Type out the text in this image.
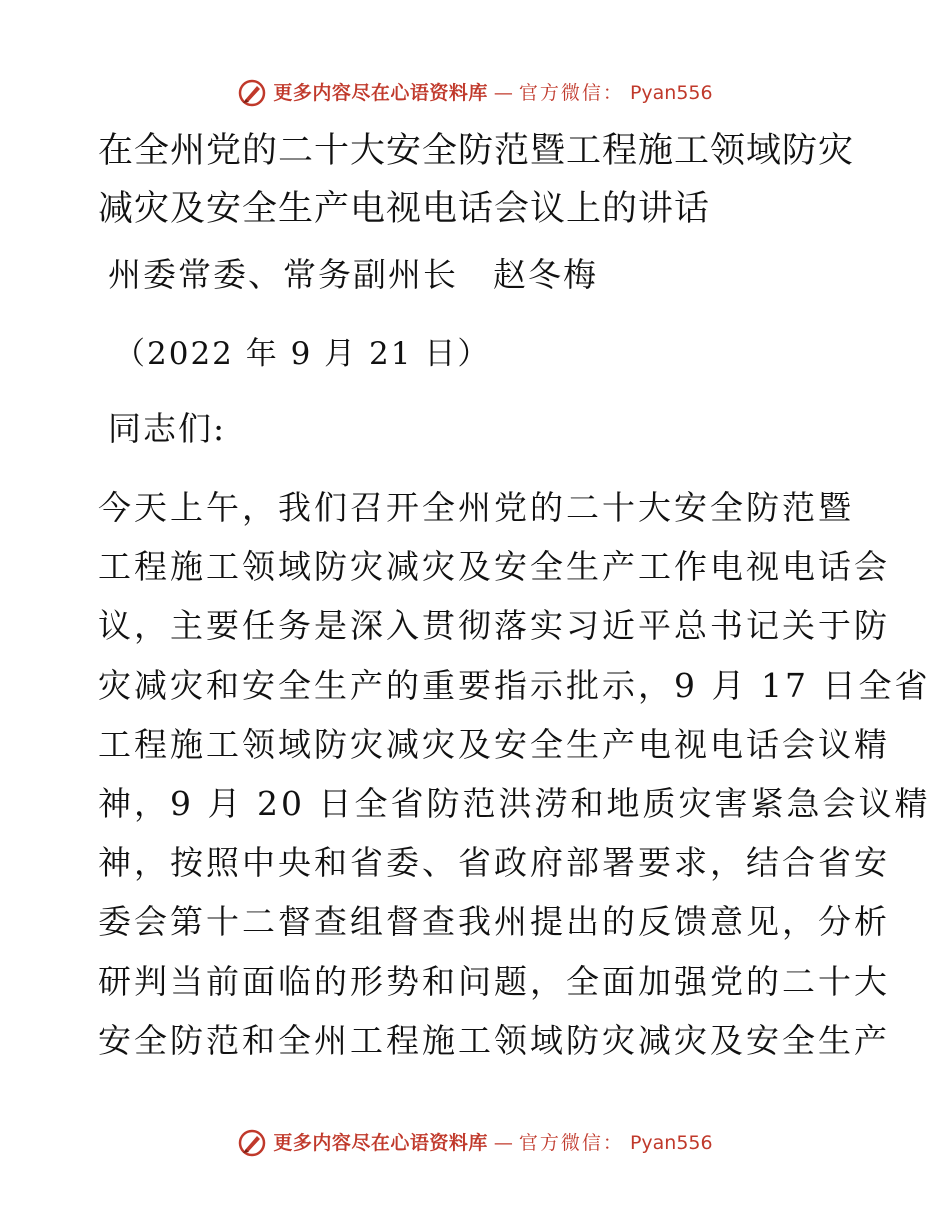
更多内容尽在心语资料库 — 官方微信： Pyan556
在全州党的二十大安全防范暨工程施工领域防灾
减灾及安全生产电视电话会议上的讲话
州委常委、常务副州长　赵冬梅
（2022 年 9 月 21 日）
同志们:
今天上午，我们召开全州党的二十大安全防范暨
工程施工领域防灾减灾及安全生产工作电视电话会
议，主要任务是深入贯彻落实习近平总书记关于防
灾减灾和安全生产的重要指示批示，9 月 17 日全省
工程施工领域防灾减灾及安全生产电视电话会议精
神，9 月 20 日全省防范洪涝和地质灾害紧急会议精
神，按照中央和省委、省政府部署要求，结合省安
委会第十二督查组督查我州提出的反馈意见，分析
研判当前面临的形势和问题，全面加强党的二十大
安全防范和全州工程施工领域防灾减灾及安全生产
更多内容尽在心语资料库 — 官方微信： Pyan556
